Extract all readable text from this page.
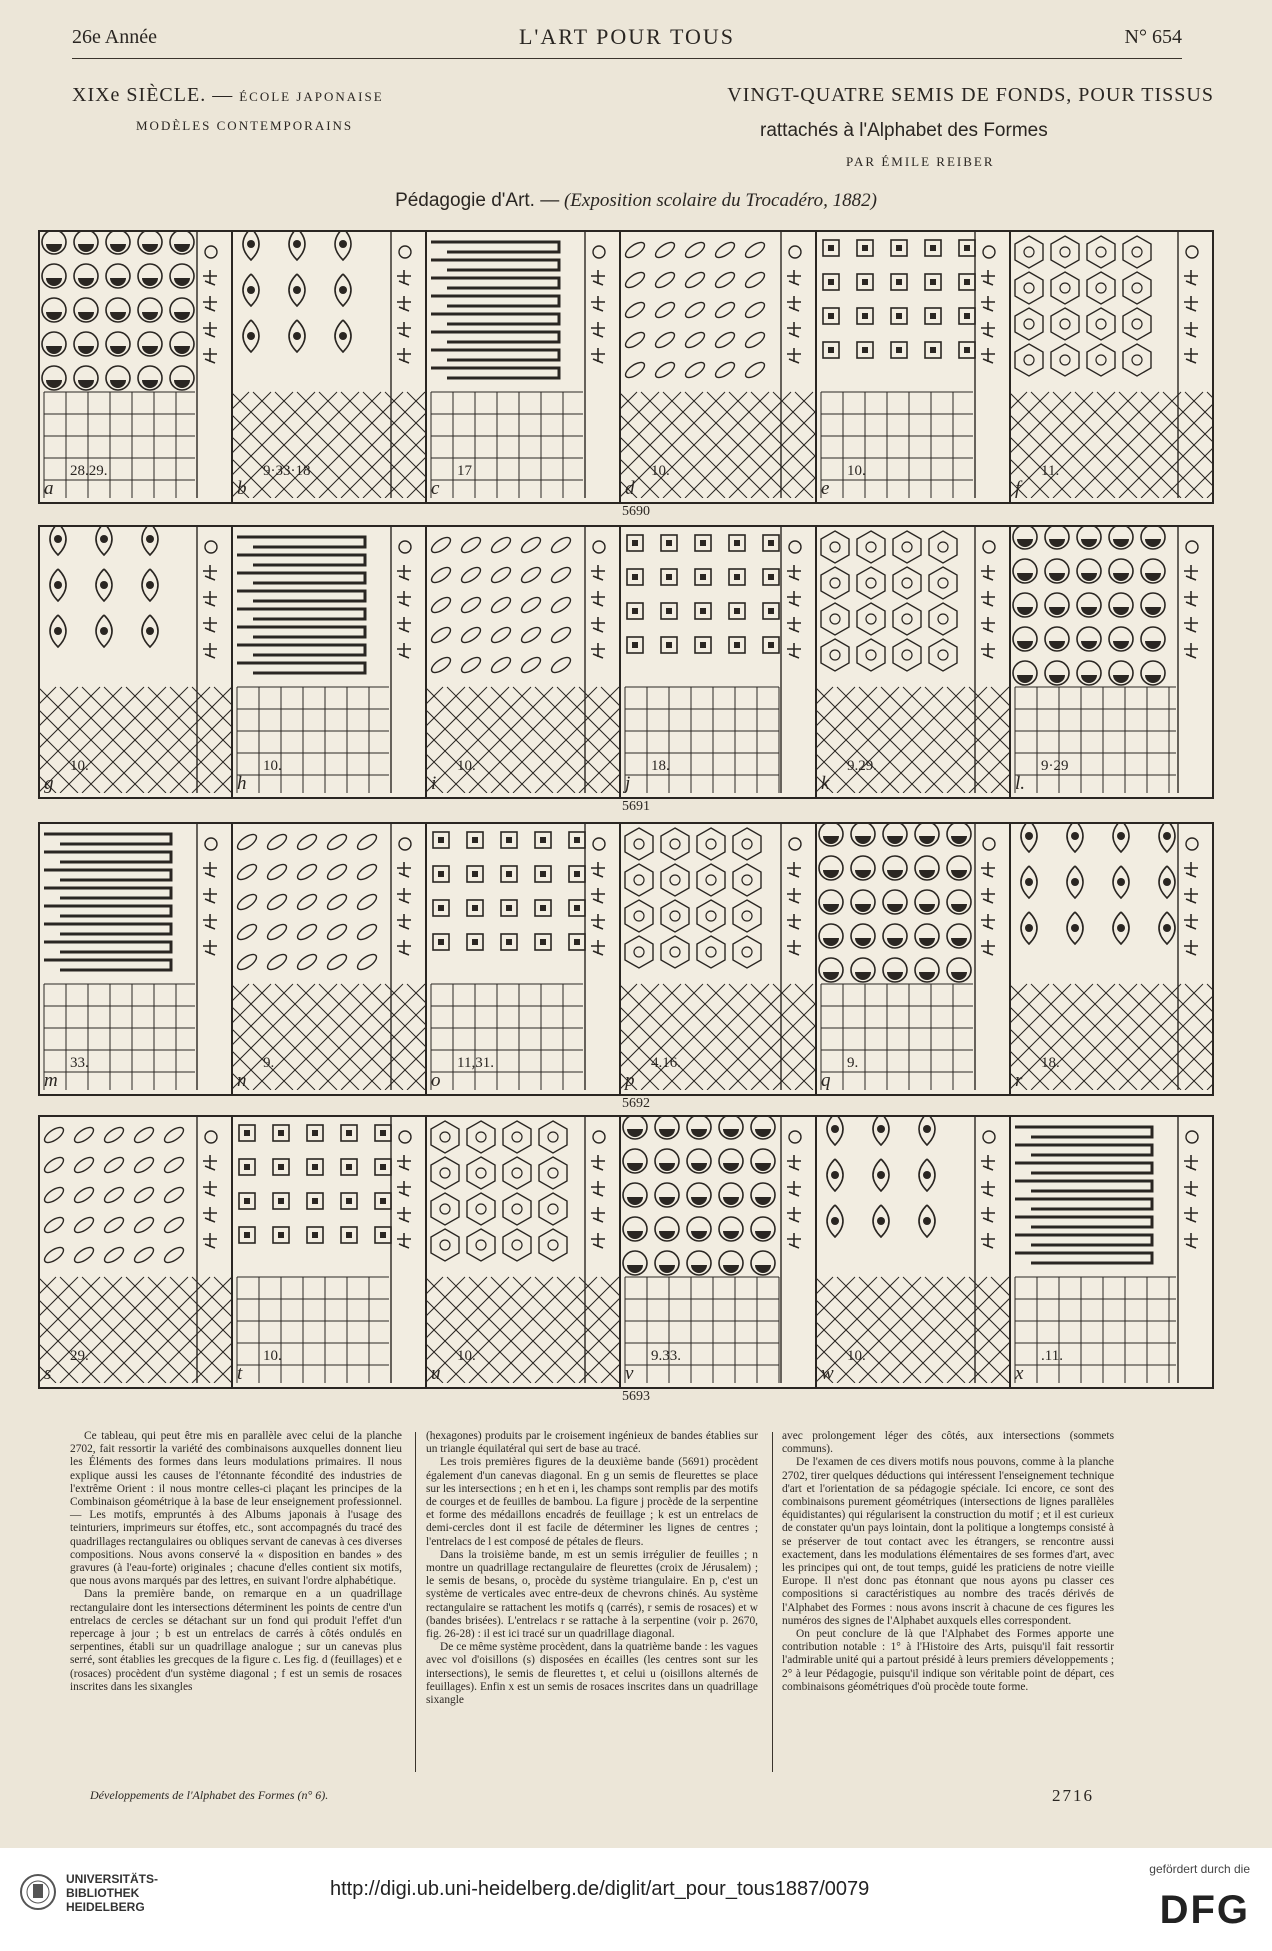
26e Année	L'ART POUR TOUS	N° 654
XIXe SIÈCLE. — ÉCOLE JAPONAISE
MODÈLES CONTEMPORAINS
VINGT-QUATRE SEMIS DE FONDS, POUR TISSUS
rattachés à l'Alphabet des Formes
PAR ÉMILE REIBER
Pédagogie d'Art. — (Exposition scolaire du Trocadéro, 1882)
a
28.29.
b
9·33·18
c
17
d
10.
e
10.
f
11.
5690
g
10.
h
10.
i
10.
j
18.
k
9.29.
l.
9·29
5691
m
33.
n
9.
o
11,31.
p
4.16.
q
9.
r
18.
5692
s
29.
t
10.
u
10.
v
9.33.
w
10.
x
.11.
5693

Ce tableau, qui peut être mis en parallèle avec celui de la planche 2702, fait ressortir la variété des combinaisons auxquelles donnent lieu les Éléments des formes dans leurs modulations primaires. Il nous explique aussi les causes de l'étonnante fécondité des industries de l'extrême Orient : il nous montre celles-ci plaçant les principes de la Combinaison géométrique à la base de leur enseignement professionnel. — Les motifs, empruntés à des Albums japonais à l'usage des teinturiers, imprimeurs sur étoffes, etc., sont accompagnés du tracé des quadrillages rectangulaires ou obliques servant de canevas à ces diverses compositions. Nous avons conservé la « disposition en bandes » des gravures (à l'eau-forte) originales ; chacune d'elles contient six motifs, que nous avons marqués par des lettres, en suivant l'ordre alphabétique.

Dans la première bande, on remarque en a un quadrillage rectangulaire dont les intersections déterminent les points de centre d'un entrelacs de cercles se détachant sur un fond qui produit l'effet d'un repercage à jour ; b est un entrelacs de carrés à côtés ondulés en serpentines, établi sur un quadrillage analogue ; sur un canevas plus serré, sont établies les grecques de la figure c. Les fig. d (feuillages) et e (rosaces) procèdent d'un système diagonal ; f est un semis de rosaces inscrites dans les sixangles

(hexagones) produits par le croisement ingénieux de bandes établies sur un triangle équilatéral qui sert de base au tracé.

Les trois premières figures de la deuxième bande (5691) procèdent également d'un canevas diagonal. En g un semis de fleurettes se place sur les intersections ; en h et en i, les champs sont remplis par des motifs de courges et de feuilles de bambou. La figure j procède de la serpentine et forme des médaillons encadrés de feuillage ; k est un entrelacs de demi-cercles dont il est facile de déterminer les lignes de centres ; l'entrelacs de l est composé de pétales de fleurs.

Dans la troisième bande, m est un semis irrégulier de feuilles ; n montre un quadrillage rectangulaire de fleurettes (croix de Jérusalem) ; le semis de besans, o, procède du système triangulaire. En p, c'est un système de verticales avec entre-deux de chevrons chinés. Au système rectangulaire se rattachent les motifs q (carrés), r semis de rosaces) et w (bandes brisées). L'entrelacs r se rattache à la serpentine (voir p. 2670, fig. 26-28) : il est ici tracé sur un quadrillage diagonal.

De ce même système procèdent, dans la quatrième bande : les vagues avec vol d'oisillons (s) disposées en écailles (les centres sont sur les intersections), le semis de fleurettes t, et celui u (oisillons alternés de feuillages). Enfin x est un semis de rosaces inscrites dans un quadrillage sixangle

avec prolongement léger des côtés, aux intersections (sommets communs).

De l'examen de ces divers motifs nous pouvons, comme à la planche 2702, tirer quelques déductions qui intéressent l'enseignement technique d'art et l'orientation de sa pédagogie spéciale. Ici encore, ce sont des combinaisons purement géométriques (intersections de lignes parallèles équidistantes) qui régularisent la construction du motif ; et il est curieux de constater qu'un pays lointain, dont la politique a longtemps consisté à se préserver de tout contact avec les étrangers, se rencontre aussi exactement, dans les modulations élémentaires de ses formes d'art, avec les principes qui ont, de tout temps, guidé les praticiens de notre vieille Europe. Il n'est donc pas étonnant que nous ayons pu classer ces compositions si caractéristiques au nombre des tracés dérivés de l'Alphabet des Formes : nous avons inscrit à chacune de ces figures les numéros des signes de l'Alphabet auxquels elles correspondent.

On peut conclure de là que l'Alphabet des Formes apporte une contribution notable : 1° à l'Histoire des Arts, puisqu'il fait ressortir l'admirable unité qui a partout présidé à leurs premiers développements ; 2° à leur Pédagogie, puisqu'il indique son véritable point de départ, ces combinaisons géométriques d'où procède toute forme.

Développements de l'Alphabet des Formes (n° 6).	2716
UNIVERSITÄTS-
BIBLIOTHEK
HEIDELBERG
http://digi.ub.uni-heidelberg.de/diglit/art_pour_tous1887/0079
gefördert durch die
DFG
